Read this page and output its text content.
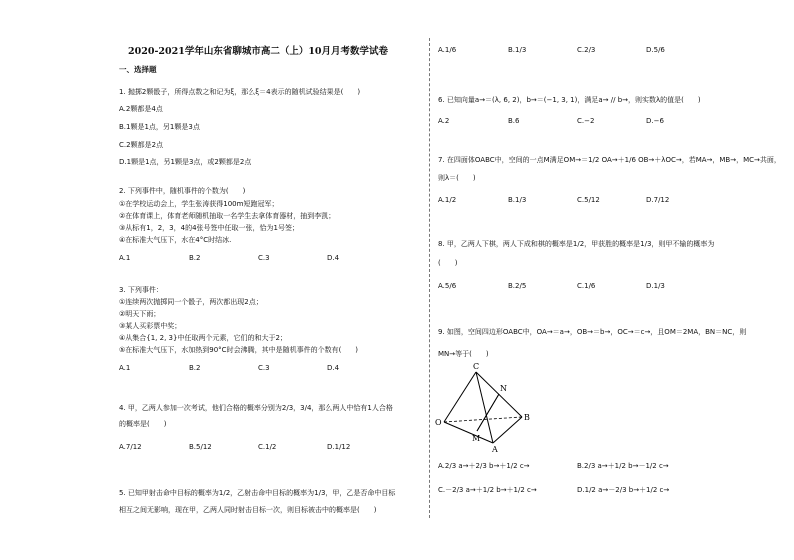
2020-2021学年山东省聊城市高二（上）10月月考数学试卷
一、选择题
1. 抛掷2颗骰子，所得点数之和记为ξ，那么ξ＝4表示的随机试验结果是(　　)
A.2颗都是4点
B.1颗是1点，另1颗是3点
C.2颗都是2点
D.1颗是1点，另1颗是3点，或2颗都是2点
2. 下列事件中，随机事件的个数为(　　)
①在学校运动会上，学生张涛获得100m短跑冠军；
②在体育课上，体育老师随机抽取一名学生去拿体育器材，抽到李凯；
③从标有1，2，3，4的4张号签中任取一张，恰为1号签；
④在标准大气压下，水在4°C时结冰.
A.1	B.2	C.3	D.4
3. 下列事件：
①连续两次抛掷同一个骰子，两次都出现2点；
②明天下雨；
③某人买彩票中奖；
④从集合{1, 2, 3}中任取两个元素，它们的和大于2；
⑤在标准大气压下，水加热到90°C时会沸腾，其中是随机事件的个数有(　　)
A.1	B.2	C.3	D.4
4. 甲，乙两人参加一次考试，他们合格的概率分别为2/3，3/4，那么两人中恰有1人合格
的概率是(　　)
A.7/12	B.5/12	C.1/2	D.1/12
5. 已知甲射击命中目标的概率为1/2，乙射击命中目标的概率为1/3，甲，乙是否命中目标
相互之间无影响，现在甲，乙两人同时射击目标一次，则目标被击中的概率是(　　)
A.1/6	B.1/3	C.2/3	D.5/6
6. 已知向量a→＝(λ, 6, 2)，b→＝(−1, 3, 1)，满足a→ // b→，则实数λ的值是(　　)
A.2	B.6	C.−2	D.−6
7. 在四面体OABC中，空间的一点M满足OM→＝1/2 OA→＋1/6 OB→＋λOC→，若MA→，MB→，MC→共面，
则λ＝(　　)
A.1/2	B.1/3	C.5/12	D.7/12
8. 甲，乙两人下棋，两人下成和棋的概率是1/2，甲获胜的概率是1/3，则甲不输的概率为
(　　)
A.5/6	B.2/5	C.1/6	D.1/3
9. 如图，空间四边形OABC中，OA→＝a→，OB→＝b→，OC→＝c→，且OM＝2MA，BN＝NC，则
MN→等于(　　)
C
N
O
B
M
A
A.2/3 a→＋2/3 b→＋1/2 c→	B.2/3 a→＋1/2 b→－1/2 c→
C.－2/3 a→＋1/2 b→＋1/2 c→	D.1/2 a→－2/3 b→＋1/2 c→
